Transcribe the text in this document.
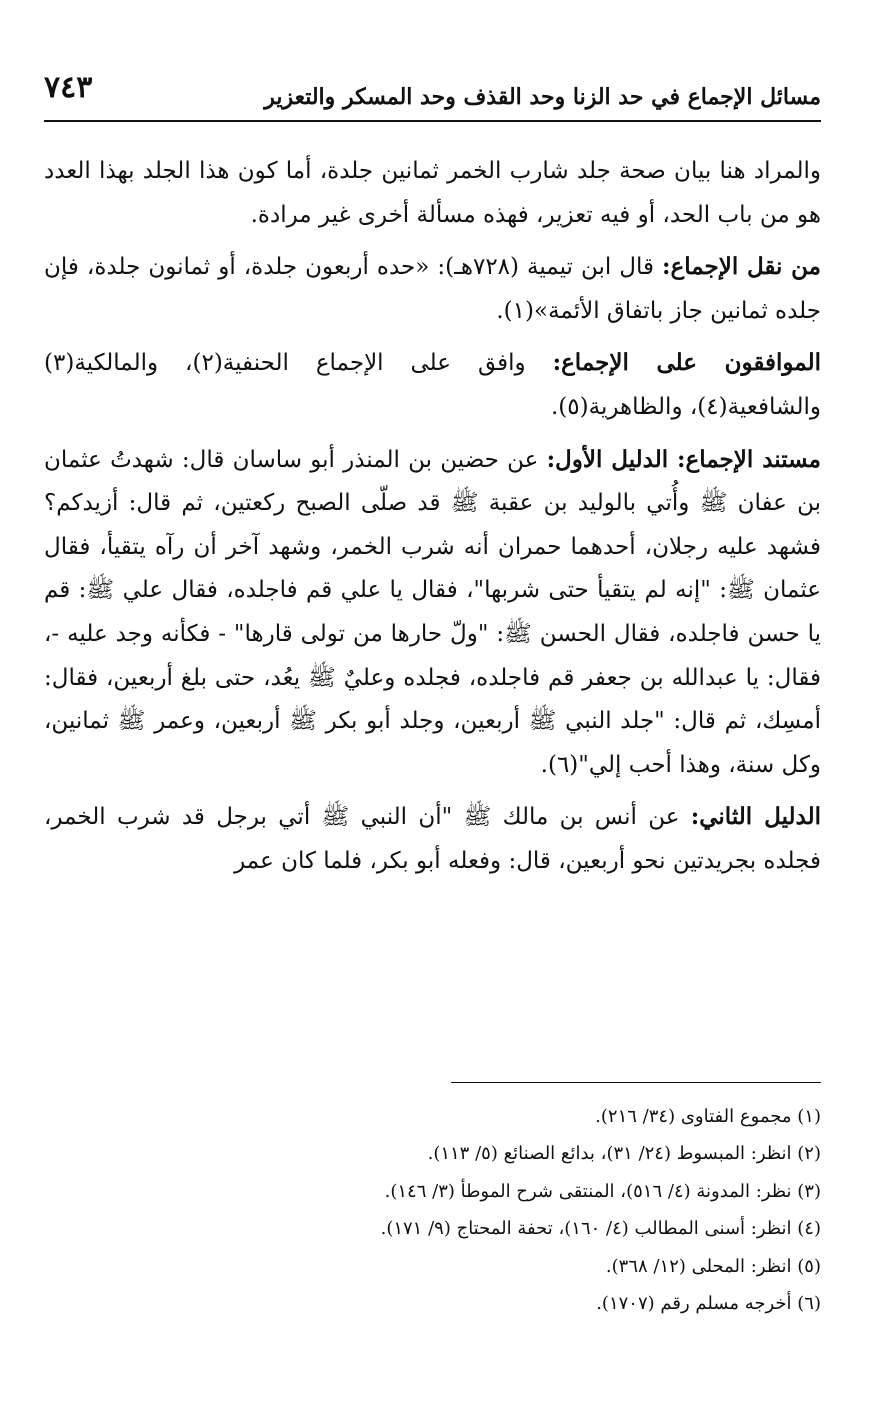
٧٤٣	مسائل الإجماع في حد الزنا وحد القذف وحد المسكر والتعزير

والمراد هنا بيان صحة جلد شارب الخمر ثمانين جلدة، أما كون هذا الجلد بهذا العدد هو من باب الحد، أو فيه تعزير، فهذه مسألة أخرى غير مرادة.

من نقل الإجماع: قال ابن تيمية (٧٢٨هـ): «حده أربعون جلدة، أو ثمانون جلدة، فإن جلده ثمانين جاز باتفاق الأئمة»(١).

الموافقون على الإجماع: وافق على الإجماع الحنفية(٢)، والمالكية(٣) والشافعية(٤)، والظاهرية(٥).

مستند الإجماع: الدليل الأول: عن حضين بن المنذر أبو ساسان قال: شهدتُ عثمان بن عفان ﷺ وأُتي بالوليد بن عقبة ﷺ قد صلّى الصبح ركعتين، ثم قال: أزيدكم؟ فشهد عليه رجلان، أحدهما حمران أنه شرب الخمر، وشهد آخر أن رآه يتقيأ، فقال عثمان ﷺ: "إنه لم يتقيأ حتى شربها"، فقال يا علي قم فاجلده، فقال علي ﷺ: قم يا حسن فاجلده، فقال الحسن ﷺ: "ولّ حارها من تولى قارها" - فكأنه وجد عليه -، فقال: يا عبدالله بن جعفر قم فاجلده، فجلده وعليٌ ﷺ يعُد، حتى بلغ أربعين، فقال: أمسِك، ثم قال: "جلد النبي ﷺ أربعين، وجلد أبو بكر ﷺ أربعين، وعمر ﷺ ثمانين، وكل سنة، وهذا أحب إلي"(٦).

الدليل الثاني: عن أنس بن مالك ﷺ "أن النبي ﷺ أتي برجل قد شرب الخمر، فجلده بجريدتين نحو أربعين، قال: وفعله أبو بكر، فلما كان عمر

(١) مجموع الفتاوى (٣٤/ ٢١٦).

(٢) انظر: المبسوط (٢٤/ ٣١)، بدائع الصنائع (٥/ ١١٣).

(٣) نظر: المدونة (٤/ ٥١٦)، المنتقى شرح الموطأ (٣/ ١٤٦).

(٤) انظر: أسنى المطالب (٤/ ١٦٠)، تحفة المحتاج (٩/ ١٧١).

(٥) انظر: المحلى (١٢/ ٣٦٨).

(٦) أخرجه مسلم رقم (١٧٠٧).
